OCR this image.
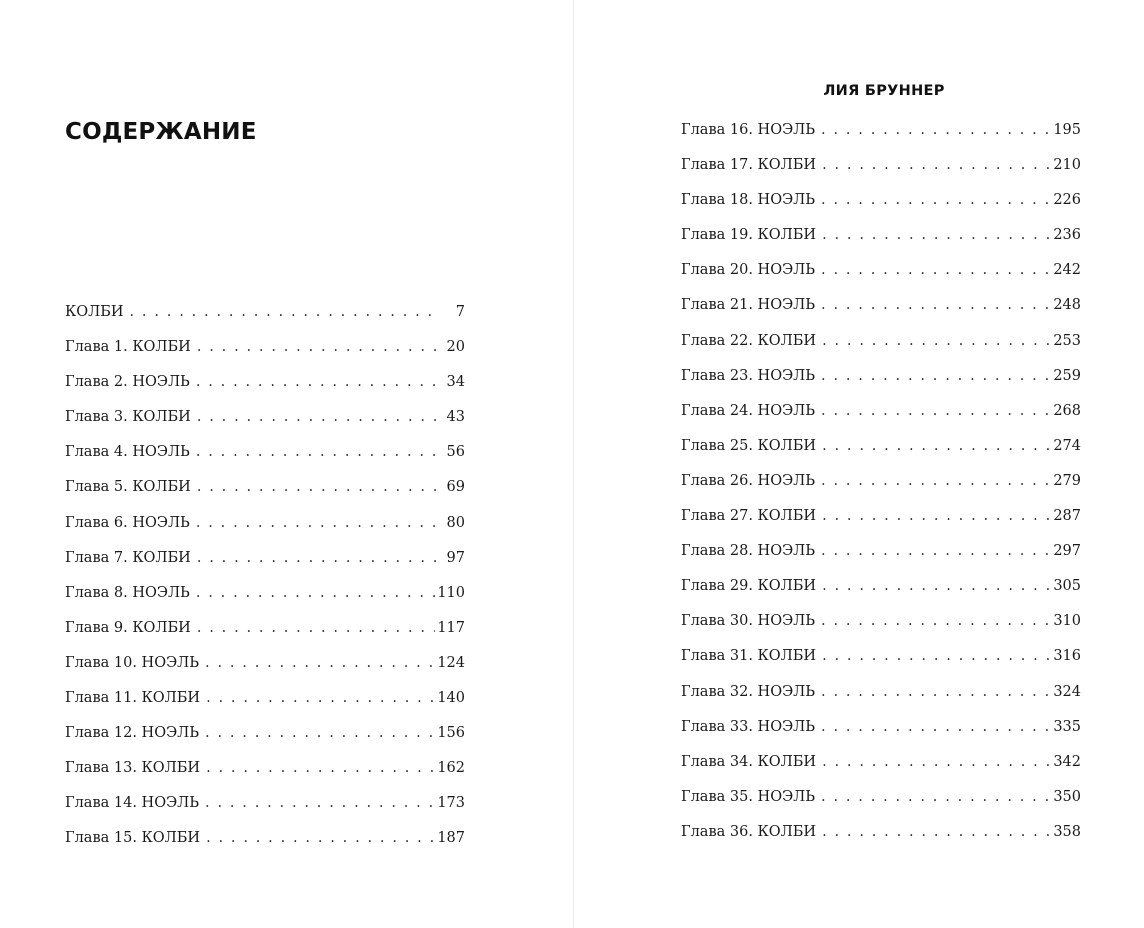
СОДЕРЖАНИЕ
КОЛБИ . . .	7
Глава 1. КОЛБИ . . .	20
Глава 2. НОЭЛЬ . . .	34
Глава 3. КОЛБИ . . .	43
Глава 4. НОЭЛЬ . . .	56
Глава 5. КОЛБИ . . .	69
Глава 6. НОЭЛЬ . . .	80
Глава 7. КОЛБИ . . .	97
Глава 8. НОЭЛЬ . . .	110
Глава 9. КОЛБИ . . .	117
Глава 10. НОЭЛЬ . . .	124
Глава 11. КОЛБИ . . .	140
Глава 12. НОЭЛЬ . . .	156
Глава 13. КОЛБИ . . .	162
Глава 14. НОЭЛЬ . . .	173
Глава 15. КОЛБИ . . .	187
ЛИЯ БРУННЕР
Глава 16. НОЭЛЬ . . .	195
Глава 17. КОЛБИ . . .	210
Глава 18. НОЭЛЬ . . .	226
Глава 19. КОЛБИ . . .	236
Глава 20. НОЭЛЬ . . .	242
Глава 21. НОЭЛЬ . . .	248
Глава 22. КОЛБИ . . .	253
Глава 23. НОЭЛЬ . . .	259
Глава 24. НОЭЛЬ . . .	268
Глава 25. КОЛБИ . . .	274
Глава 26. НОЭЛЬ . . .	279
Глава 27. КОЛБИ . . .	287
Глава 28. НОЭЛЬ . . .	297
Глава 29. КОЛБИ . . .	305
Глава 30. НОЭЛЬ . . .	310
Глава 31. КОЛБИ . . .	316
Глава 32. НОЭЛЬ . . .	324
Глава 33. НОЭЛЬ . . .	335
Глава 34. КОЛБИ . . .	342
Глава 35. НОЭЛЬ . . .	350
Глава 36. КОЛБИ . . .	358
